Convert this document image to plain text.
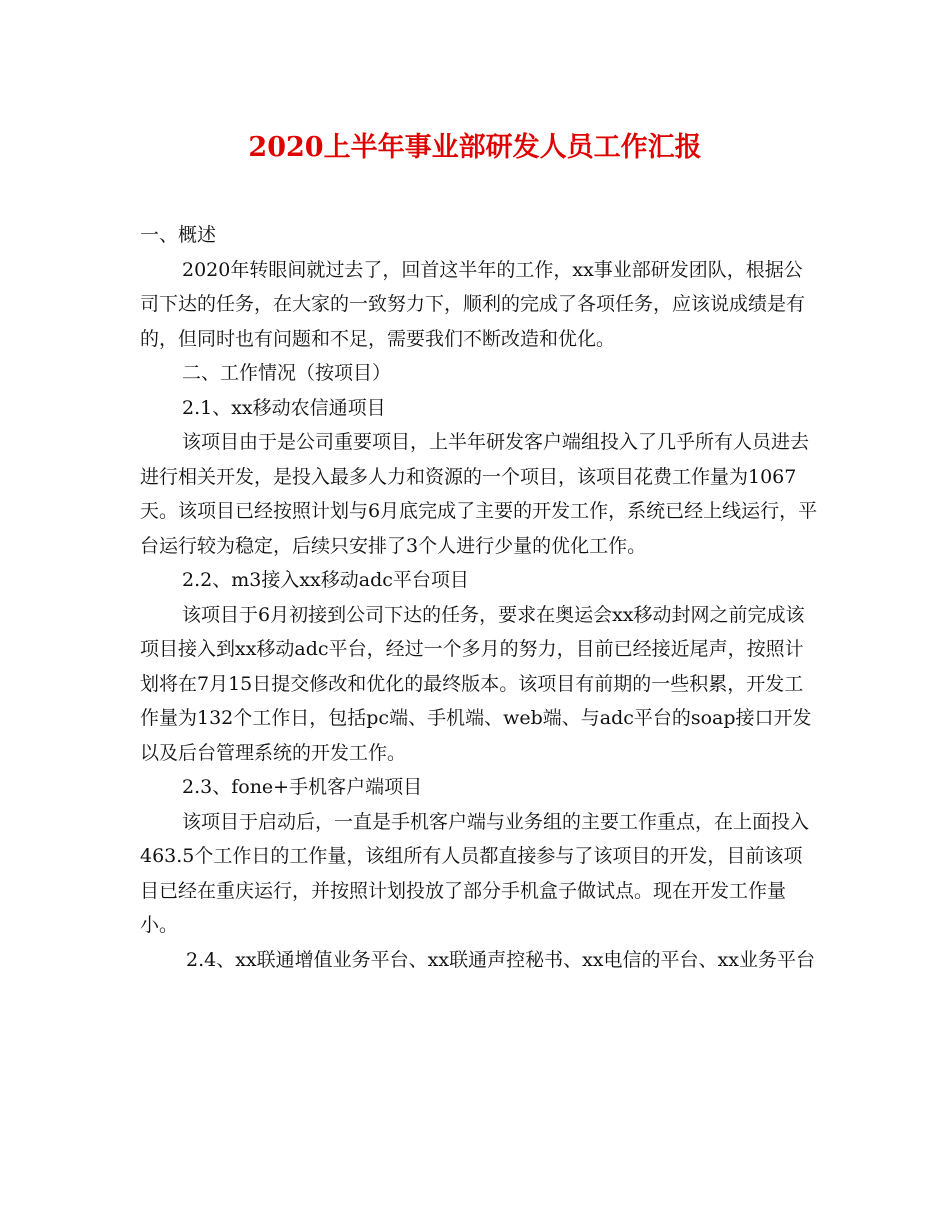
2020上半年事业部研发人员工作汇报

一、概述

2020年转眼间就过去了，回首这半年的工作，xx事业部研发团队，根据公司下达的任务，在大家的一致努力下，顺利的完成了各项任务，应该说成绩是有的，但同时也有问题和不足，需要我们不断改造和优化。

二、工作情况（按项目）

2.1、xx移动农信通项目

该项目由于是公司重要项目，上半年研发客户端组投入了几乎所有人员进去进行相关开发，是投入最多人力和资源的一个项目，该项目花费工作量为1067天。该项目已经按照计划与6月底完成了主要的开发工作，系统已经上线运行，平台运行较为稳定，后续只安排了3个人进行少量的优化工作。

2.2、m3接入xx移动adc平台项目

该项目于6月初接到公司下达的任务，要求在奥运会xx移动封网之前完成该项目接入到xx移动adc平台，经过一个多月的努力，目前已经接近尾声，按照计划将在7月15日提交修改和优化的最终版本。该项目有前期的一些积累，开发工作量为132个工作日，包括pc端、手机端、web端、与adc平台的soap接口开发以及后台管理系统的开发工作。

2.3、fone+手机客户端项目

该项目于启动后，一直是手机客户端与业务组的主要工作重点，在上面投入463.5个工作日的工作量，该组所有人员都直接参与了该项目的开发，目前该项目已经在重庆运行，并按照计划投放了部分手机盒子做试点。现在开发工作量小。

2.4、xx联通增值业务平台、xx联通声控秘书、xx电信的平台、xx业务平台
